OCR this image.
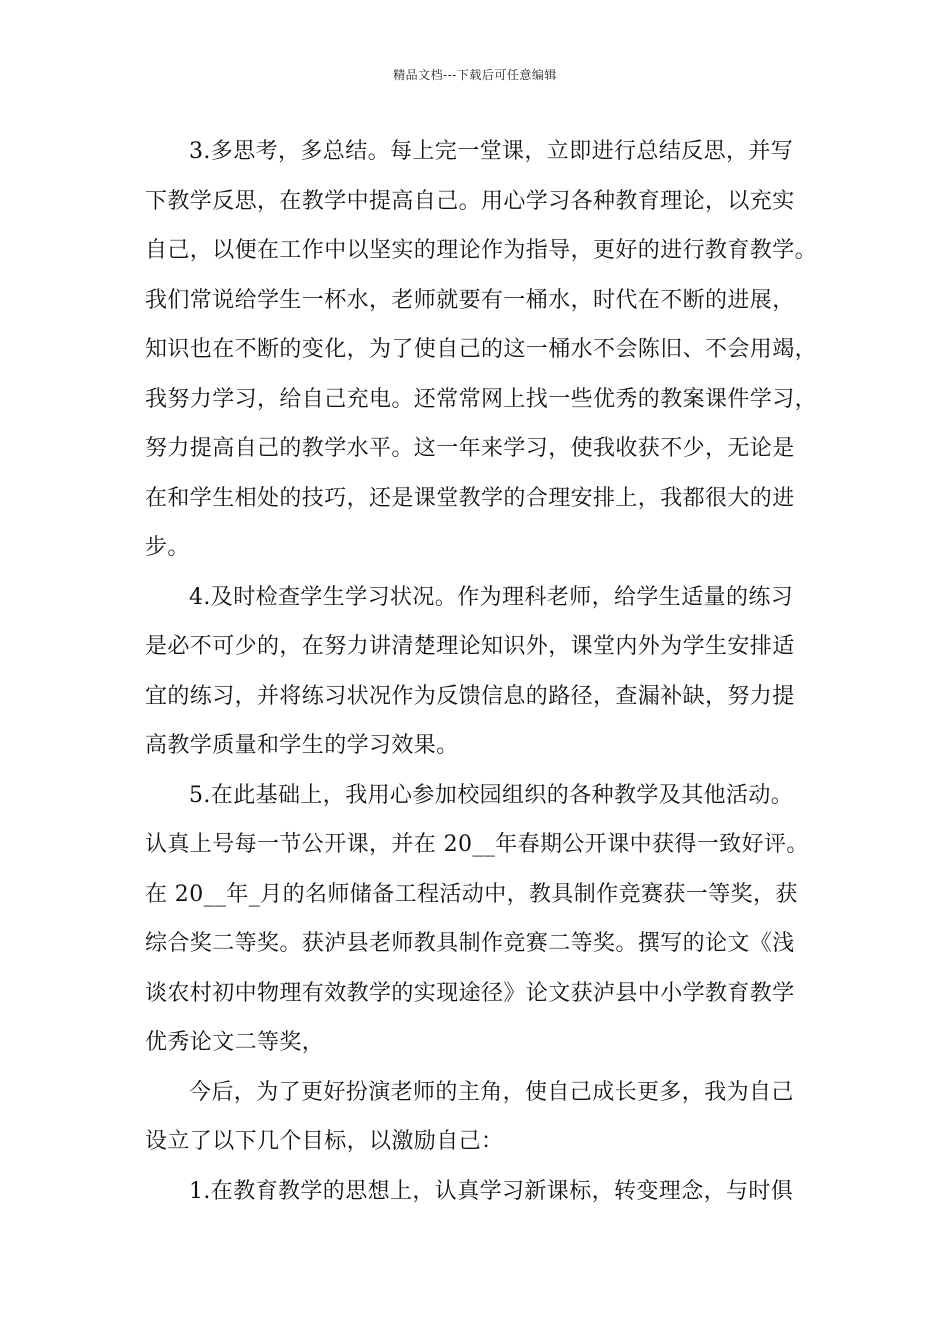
精品文档---下载后可任意编辑
3.多思考，多总结。每上完一堂课，立即进行总结反思，并写
下教学反思，在教学中提高自己。用心学习各种教育理论，以充实
自己，以便在工作中以坚实的理论作为指导，更好的进行教育教学。
我们常说给学生一杯水，老师就要有一桶水，时代在不断的进展，
知识也在不断的变化，为了使自己的这一桶水不会陈旧、不会用竭，
我努力学习，给自己充电。还常常网上找一些优秀的教案课件学习，
努力提高自己的教学水平。这一年来学习，使我收获不少，无论是
在和学生相处的技巧，还是课堂教学的合理安排上，我都很大的进
步。
4.及时检查学生学习状况。作为理科老师，给学生适量的练习
是必不可少的，在努力讲清楚理论知识外，课堂内外为学生安排适
宜的练习，并将练习状况作为反馈信息的路径，查漏补缺，努力提
高教学质量和学生的学习效果。
5.在此基础上，我用心参加校园组织的各种教学及其他活动。
认真上号每一节公开课，并在 20__年春期公开课中获得一致好评。
在 20__年_月的名师储备工程活动中，教具制作竞赛获一等奖，获
综合奖二等奖。获泸县老师教具制作竞赛二等奖。撰写的论文《浅
谈农村初中物理有效教学的实现途径》论文获泸县中小学教育教学
优秀论文二等奖，
今后，为了更好扮演老师的主角，使自己成长更多，我为自己
设立了以下几个目标，以激励自己：
1.在教育教学的思想上，认真学习新课标，转变理念，与时俱
